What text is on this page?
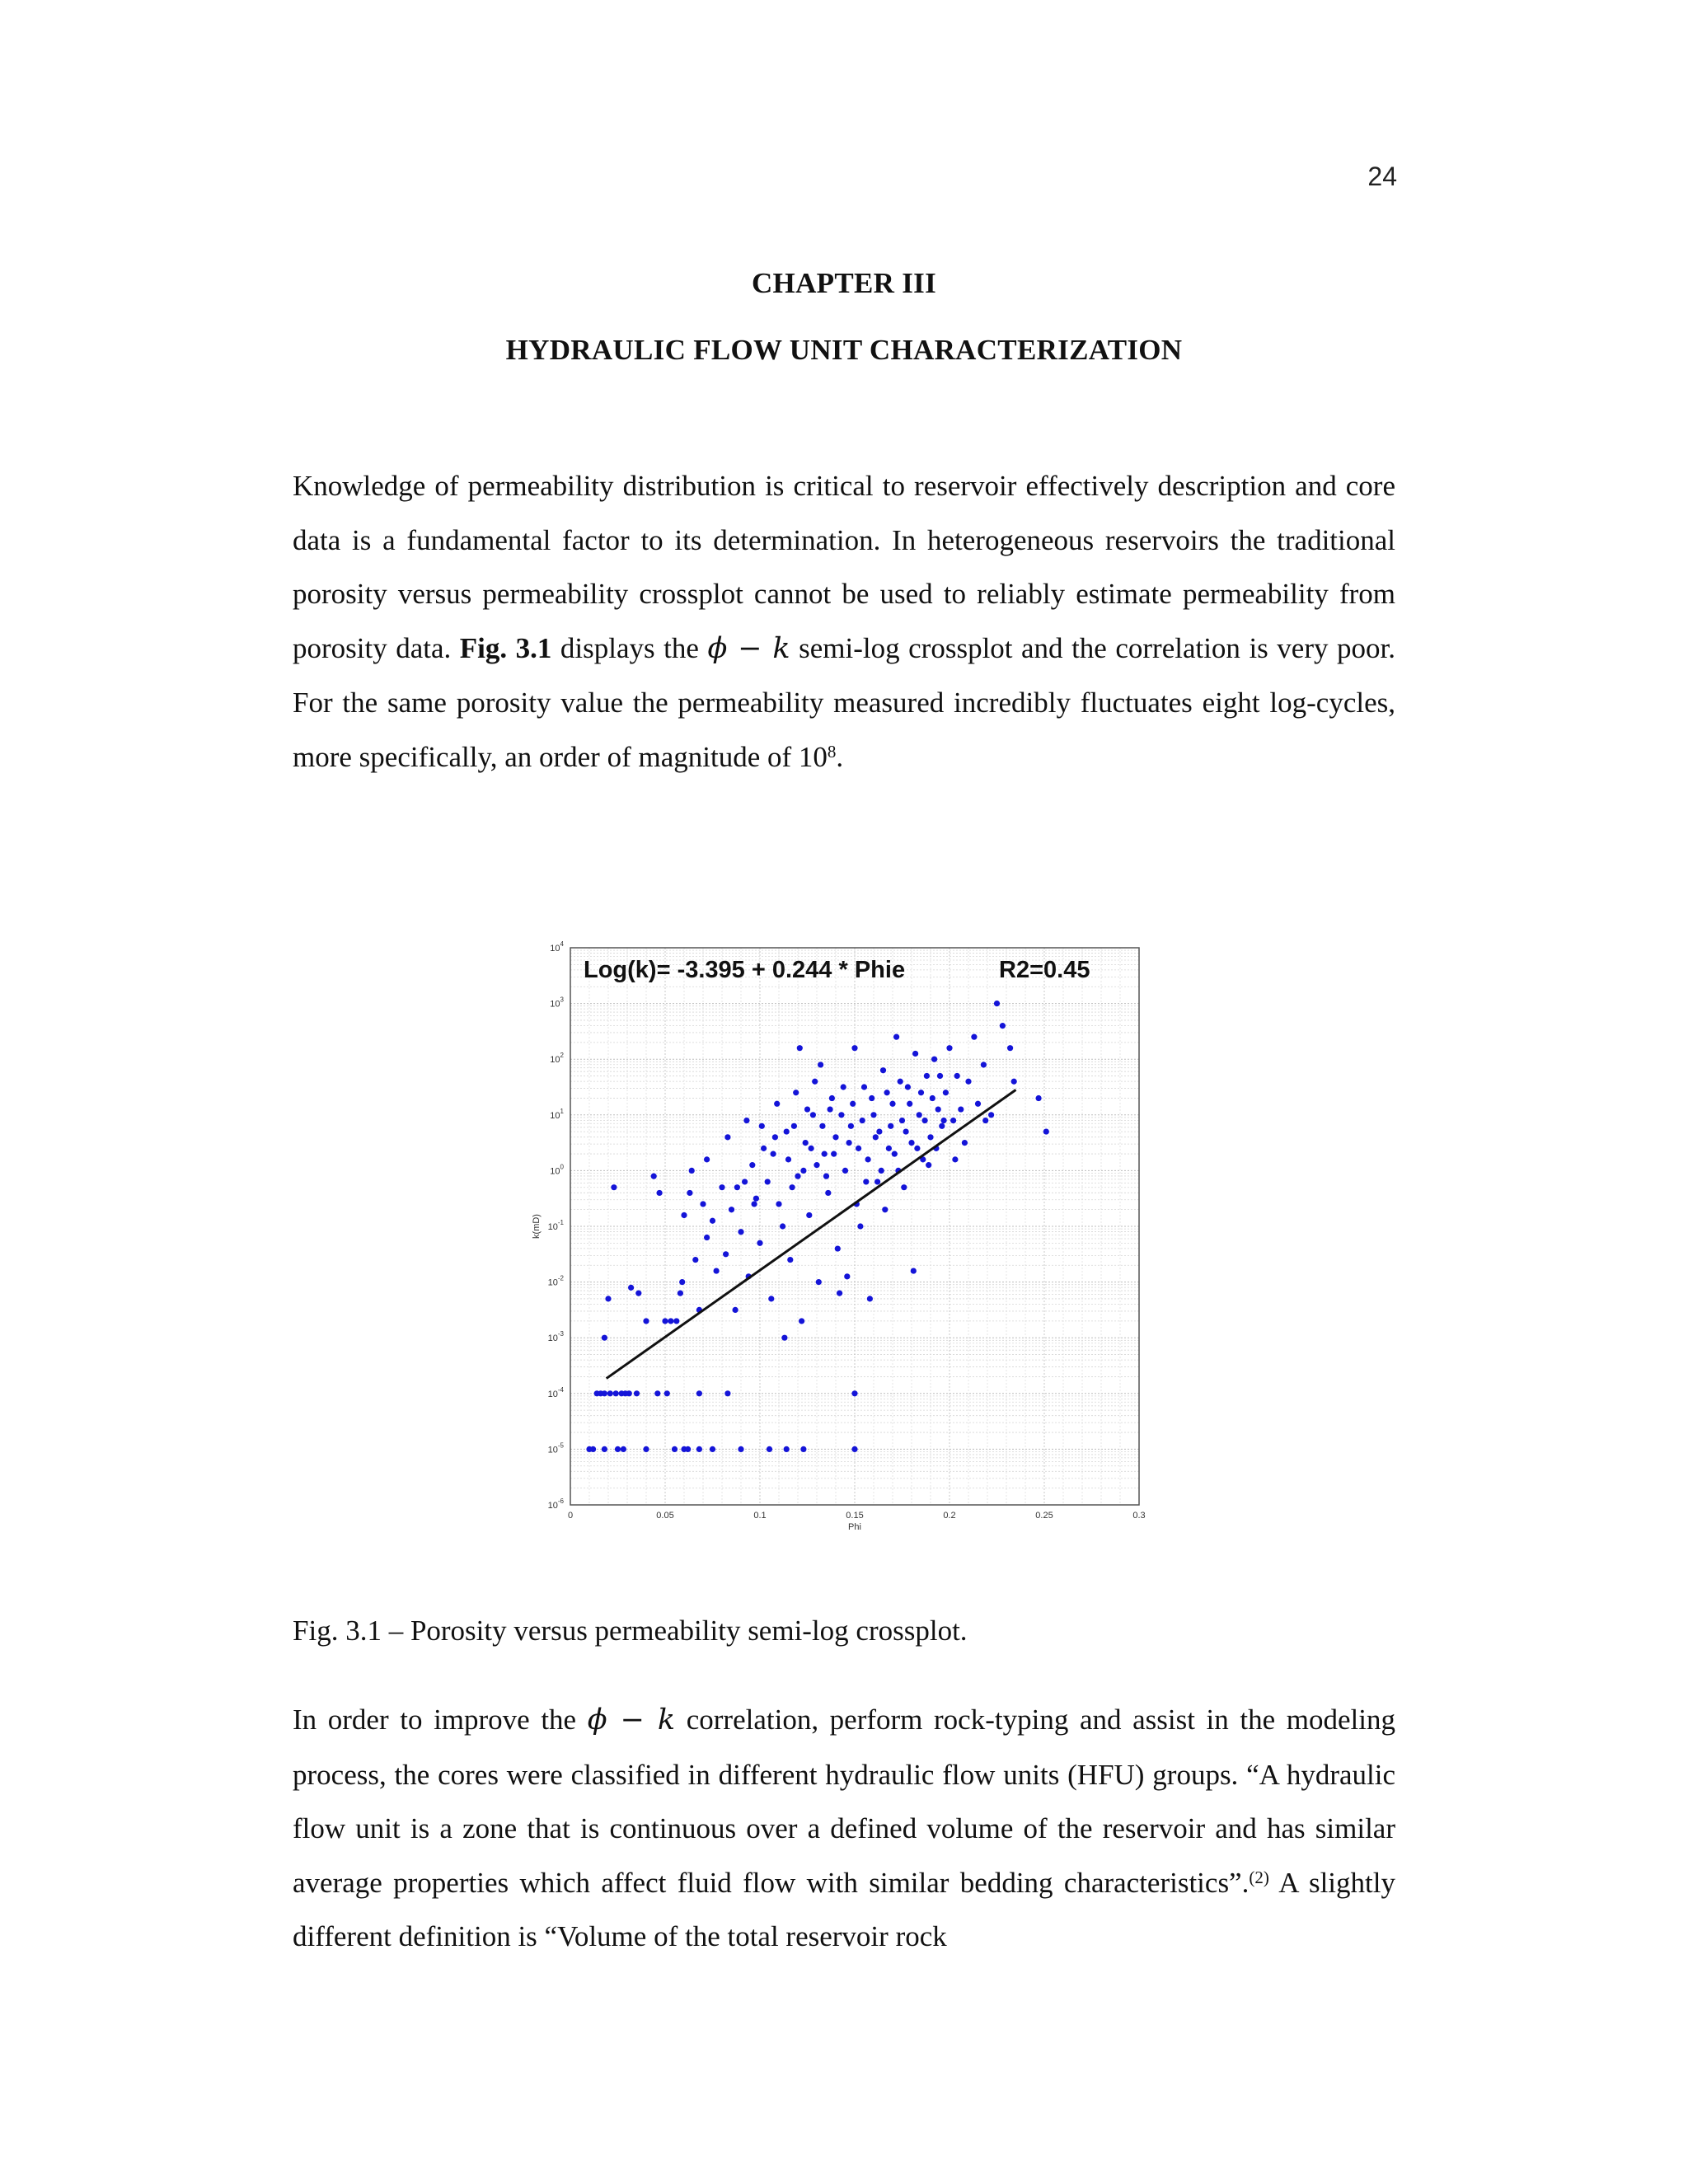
24
CHAPTER III
HYDRAULIC FLOW UNIT CHARACTERIZATION

Knowledge of permeability distribution is critical to reservoir effectively description and core data is a fundamental factor to its determination. In heterogeneous reservoirs the traditional porosity versus permeability crossplot cannot be used to reliably estimate permeability from porosity data. Fig. 3.1 displays the ϕ − k semi-log crossplot and the correlation is very poor. For the same porosity value the permeability measured incredibly fluctuates eight log-cycles, more specifically, an order of magnitude of $10^8$.

$10^4$
$10^3$
$10^2$
$10^1$
$10^0$
$10^{-1}$
$10^{-2}$
$10^{-3}$
$10^{-4}$
$10^{-5}$
$10^{-6}$
0	0.05	0.1	0.15	0.2	0.25	0.3
Phi
k(mD)
Log(k)= -3.395 + 0.244 * Phie	R2=0.45
Fig. 3.1 – Porosity versus permeability semi-log crossplot.

In order to improve the ϕ − k correlation, perform rock-typing and assist in the modeling process, the cores were classified in different hydraulic flow units (HFU) groups. “A hydraulic flow unit is a zone that is continuous over a defined volume of the reservoir and has similar average properties which affect fluid flow with similar bedding characteristics”.$^{(2)}$ A slightly different definition is “Volume of the total reservoir rock
